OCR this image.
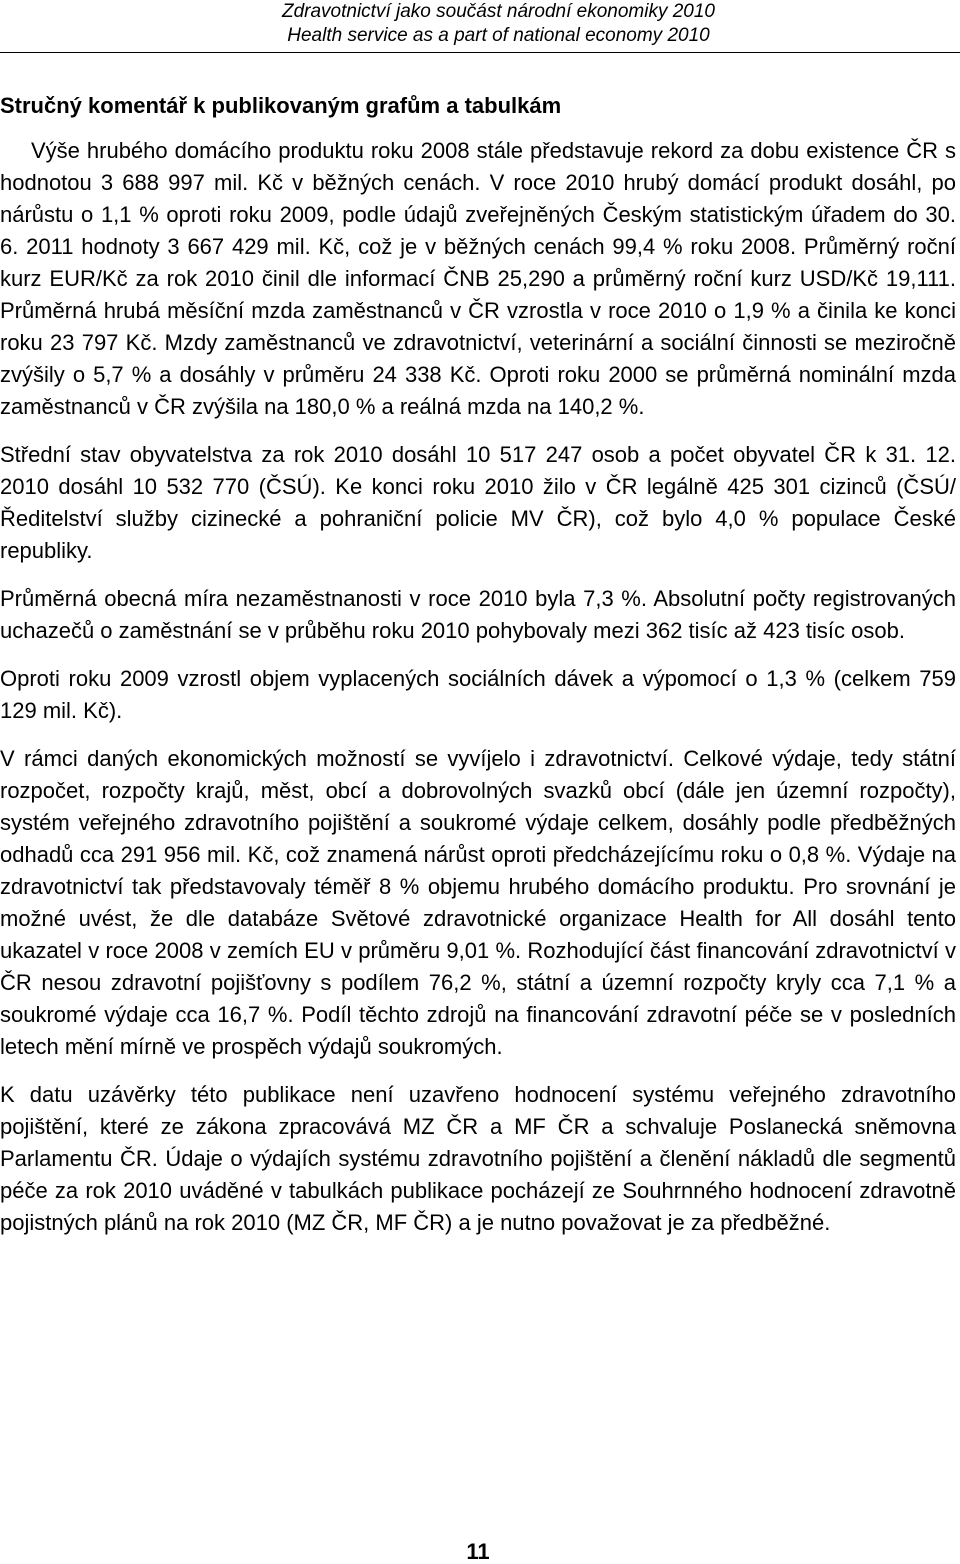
Zdravotnictví jako součást národní ekonomiky 2010
Health service as a part of national economy 2010
Stručný komentář k publikovaným grafům a tabulkám

Výše hrubého domácího produktu roku 2008 stále představuje rekord za dobu existence ČR s hodnotou 3 688 997 mil. Kč v běžných cenách. V roce 2010 hrubý domácí produkt dosáhl, po nárůstu o 1,1 % oproti roku 2009, podle údajů zveřejněných Českým statistickým úřadem do 30. 6. 2011 hodnoty 3 667 429 mil. Kč, což je v běžných cenách 99,4 % roku 2008. Průměrný roční kurz EUR/Kč za rok 2010 činil dle informací ČNB 25,290 a průměrný roční kurz USD/Kč 19,111. Průměrná hrubá měsíční mzda zaměstnanců v ČR vzrostla v roce 2010 o 1,9 % a činila ke konci roku 23 797 Kč. Mzdy zaměstnanců ve zdravotnictví, veterinární a sociální činnosti se meziročně zvýšily o 5,7 % a dosáhly v průměru 24 338 Kč. Oproti roku 2000 se průměrná nominální mzda zaměstnanců v ČR zvýšila na 180,0 % a reálná mzda na 140,2 %.

Střední stav obyvatelstva za rok 2010 dosáhl 10 517 247 osob a počet obyvatel ČR k 31. 12. 2010 dosáhl 10 532 770 (ČSÚ). Ke konci roku 2010 žilo v ČR legálně 425 301 cizinců (ČSÚ/Ředitelství služby cizinecké a pohraniční policie MV ČR), což bylo 4,0 % populace České republiky.

Průměrná obecná míra nezaměstnanosti v roce 2010 byla 7,3 %. Absolutní počty registrovaných uchazečů o zaměstnání se v průběhu roku 2010 pohybovaly mezi 362 tisíc až 423 tisíc osob.

Oproti roku 2009 vzrostl objem vyplacených sociálních dávek a výpomocí o 1,3 % (celkem 759 129 mil. Kč).

V rámci daných ekonomických možností se vyvíjelo i zdravotnictví. Celkové výdaje, tedy státní rozpočet, rozpočty krajů, měst, obcí a dobrovolných svazků obcí (dále jen územní rozpočty), systém veřejného zdravotního pojištění a soukromé výdaje celkem, dosáhly podle předběžných odhadů cca 291 956 mil. Kč, což znamená nárůst oproti předcházejícímu roku o 0,8 %. Výdaje na zdravotnictví tak představovaly téměř 8 % objemu hrubého domácího produktu. Pro srovnání je možné uvést, že dle databáze Světové zdravotnické organizace Health for All dosáhl tento ukazatel v roce 2008 v zemích EU v průměru 9,01 %. Rozhodující část financování zdravotnictví v ČR nesou zdravotní pojišťovny s podílem 76,2 %, státní a územní rozpočty kryly cca 7,1 % a soukromé výdaje cca 16,7 %. Podíl těchto zdrojů na financování zdravotní péče se v posledních letech mění mírně ve prospěch výdajů soukromých.

K datu uzávěrky této publikace není uzavřeno hodnocení systému veřejného zdravotního pojištění, které ze zákona zpracovává MZ ČR a MF ČR a schvaluje Poslanecká sněmovna Parlamentu ČR. Údaje o výdajích systému zdravotního pojištění a členění nákladů dle segmentů péče za rok 2010 uváděné v tabulkách publikace pocházejí ze Souhrnného hodnocení zdravotně pojistných plánů na rok 2010 (MZ ČR, MF ČR) a je nutno považovat je za předběžné.

11
